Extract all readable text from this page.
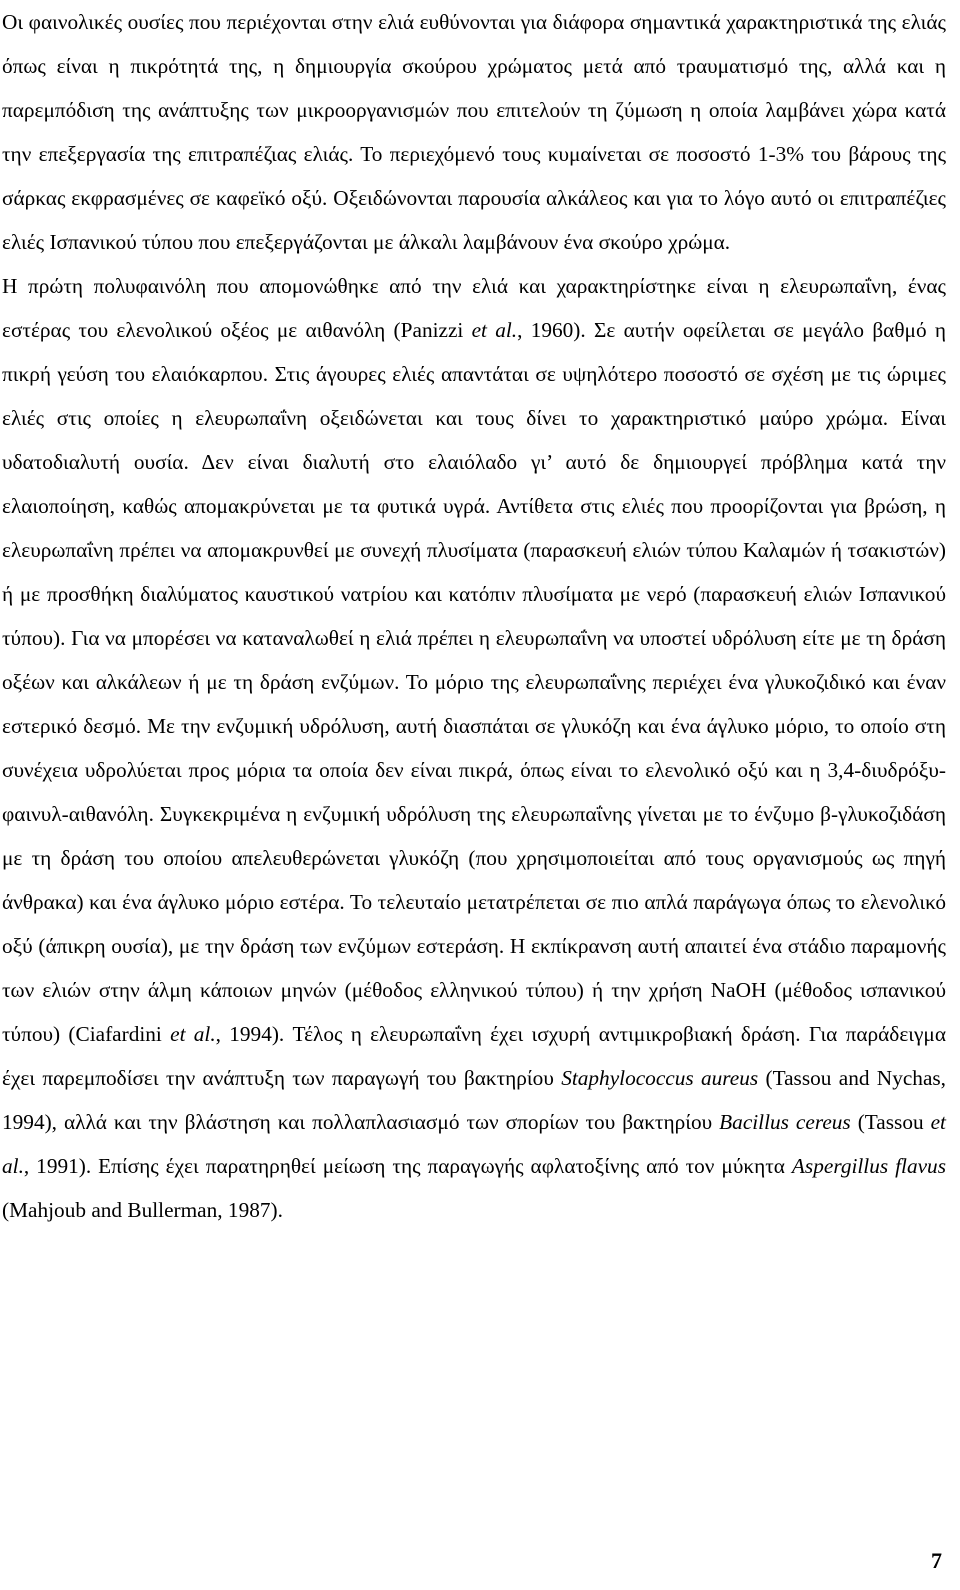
Οι φαινολικές ουσίες που περιέχονται στην ελιά ευθύνονται για διάφορα σημαντικά χαρακτηριστικά της ελιάς όπως είναι η πικρότητά της, η δημιουργία σκούρου χρώματος μετά από τραυματισμό της, αλλά και η παρεμπόδιση της ανάπτυξης των μικροοργανισμών που επιτελούν τη ζύμωση η οποία λαμβάνει χώρα κατά την επεξεργασία της επιτραπέζιας ελιάς. Το περιεχόμενό τους κυμαίνεται σε ποσοστό 1-3% του βάρους της σάρκας εκφρασμένες σε καφεϊκό οξύ. Οξειδώνονται παρουσία αλκάλεος και για το λόγο αυτό οι επιτραπέζιες ελιές Ισπανικού τύπου που επεξεργάζονται με άλκαλι λαμβάνουν ένα σκούρο χρώμα.

Η πρώτη πολυφαινόλη που απομονώθηκε από την ελιά και χαρακτηρίστηκε είναι η ελευρωπαΐνη, ένας εστέρας του ελενολικού οξέος με αιθανόλη (Panizzi et al., 1960). Σε αυτήν οφείλεται σε μεγάλο βαθμό η πικρή γεύση του ελαιόκαρπου. Στις άγουρες ελιές απαντάται σε υψηλότερο ποσοστό σε σχέση με τις ώριμες ελιές στις οποίες η ελευρωπαΐνη οξειδώνεται και τους δίνει το χαρακτηριστικό μαύρο χρώμα. Είναι υδατοδιαλυτή ουσία. Δεν είναι διαλυτή στο ελαιόλαδο γι’ αυτό δε δημιουργεί πρόβλημα κατά την ελαιοποίηση, καθώς απομακρύνεται με τα φυτικά υγρά. Αντίθετα στις ελιές που προορίζονται για βρώση, η ελευρωπαΐνη πρέπει να απομακρυνθεί με συνεχή πλυσίματα (παρασκευή ελιών τύπου Καλαμών ή τσακιστών) ή με προσθήκη διαλύματος καυστικού νατρίου και κατόπιν πλυσίματα με νερό (παρασκευή ελιών Ισπανικού τύπου). Για να μπορέσει να καταναλωθεί η ελιά πρέπει η ελευρωπαΐνη να υποστεί υδρόλυση είτε με τη δράση οξέων και αλκάλεων ή με τη δράση ενζύμων. Το μόριο της ελευρωπαΐνης περιέχει ένα γλυκοζιδικό και έναν εστερικό δεσμό. Με την ενζυμική υδρόλυση, αυτή διασπάται σε γλυκόζη και ένα άγλυκο μόριο, το οποίο στη συνέχεια υδρολύεται προς μόρια τα οποία δεν είναι πικρά, όπως είναι το ελενολικό οξύ και η 3,4-διυδρόξυ-φαινυλ-αιθανόλη. Συγκεκριμένα η ενζυμική υδρόλυση της ελευρωπαΐνης γίνεται με το ένζυμο β-γλυκοζιδάση με τη δράση του οποίου απελευθερώνεται γλυκόζη (που χρησιμοποιείται από τους οργανισμούς ως πηγή άνθρακα) και ένα άγλυκο μόριο εστέρα. Το τελευταίο μετατρέπεται σε πιο απλά παράγωγα όπως το ελενολικό οξύ (άπικρη ουσία), με την δράση των ενζύμων εστεράση. Η εκπίκρανση αυτή απαιτεί ένα στάδιο παραμονής των ελιών στην άλμη κάποιων μηνών (μέθοδος ελληνικού τύπου) ή την χρήση NaOH (μέθοδος ισπανικού τύπου) (Ciafardini et al., 1994). Τέλος η ελευρωπαΐνη έχει ισχυρή αντιμικροβιακή δράση. Για παράδειγμα έχει παρεμποδίσει την ανάπτυξη των παραγωγή του βακτηρίου Staphylococcus aureus (Tassou and Nychas, 1994), αλλά και την βλάστηση και πολλαπλασιασμό των σπορίων του βακτηρίου Bacillus cereus (Tassou et al., 1991). Επίσης έχει παρατηρηθεί μείωση της παραγωγής αφλατοξίνης από τον μύκητα Aspergillus flavus (Mahjoub and Bullerman, 1987).

7
